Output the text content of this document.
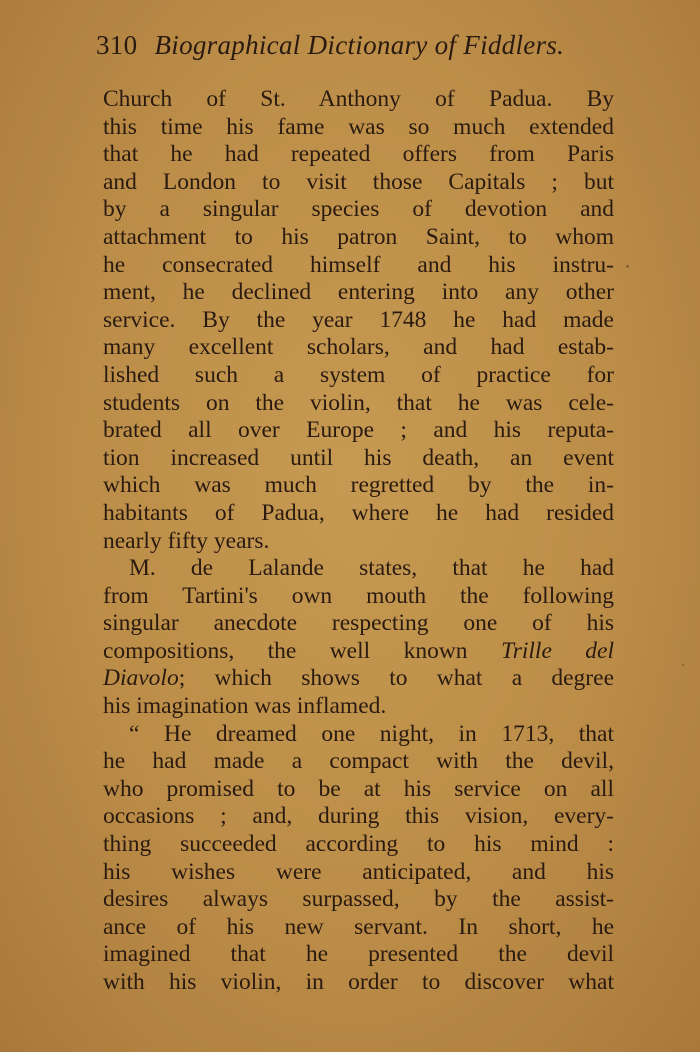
310 Biographical Dictionary of Fiddlers.
Church of St. Anthony of Padua. By
this time his fame was so much extended
that he had repeated offers from Paris
and London to visit those Capitals ; but
by a singular species of devotion and
attachment to his patron Saint, to whom
he consecrated himself and his instru-
ment, he declined entering into any other
service. By the year 1748 he had made
many excellent scholars, and had estab-
lished such a system of practice for
students on the violin, that he was cele-
brated all over Europe ; and his reputa-
tion increased until his death, an event
which was much regretted by the in-
habitants of Padua, where he had resided
nearly fifty years.
M. de Lalande states, that he had
from Tartini's own mouth the following
singular anecdote respecting one of his
compositions, the well known Trille del
Diavolo; which shows to what a degree
his imagination was inflamed.
“ He dreamed one night, in 1713, that
he had made a compact with the devil,
who promised to be at his service on all
occasions ; and, during this vision, every-
thing succeeded according to his mind :
his wishes were anticipated, and his
desires always surpassed, by the assist-
ance of his new servant. In short, he
imagined that he presented the devil
with his violin, in order to discover what
